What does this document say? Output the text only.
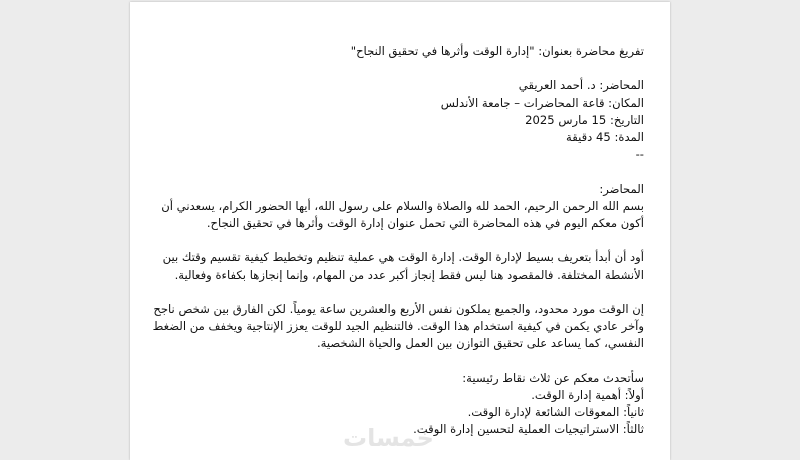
تفريغ محاضرة بعنوان: "إدارة الوقت وأثرها في تحقيق النجاح"

المحاضر: د. أحمد العريقي

المكان: قاعة المحاضرات – جامعة الأندلس

التاريخ: 15 مارس 2025

المدة: 45 دقيقة

--

المحاضر:

بسم الله الرحمن الرحيم، الحمد لله والصلاة والسلام على رسول الله، أيها الحضور الكرام، يسعدني أن أكون معكم اليوم في هذه المحاضرة التي تحمل عنوان إدارة الوقت وأثرها في تحقيق النجاح.

أود أن أبدأ بتعريف بسيط لإدارة الوقت. إدارة الوقت هي عملية تنظيم وتخطيط كيفية تقسيم وقتك بين الأنشطة المختلفة. فالمقصود هنا ليس فقط إنجاز أكبر عدد من المهام، وإنما إنجازها بكفاءة وفعالية.

إن الوقت مورد محدود، والجميع يملكون نفس الأربع والعشرين ساعة يومياً. لكن الفارق بين شخص ناجح وآخر عادي يكمن في كيفية استخدام هذا الوقت. فالتنظيم الجيد للوقت يعزز الإنتاجية ويخفف من الضغط النفسي، كما يساعد على تحقيق التوازن بين العمل والحياة الشخصية.

سأتحدث معكم عن ثلاث نقاط رئيسية:

أولاً: أهمية إدارة الوقت.

ثانياً: المعوقات الشائعة لإدارة الوقت.

ثالثاً: الاستراتيجيات العملية لتحسين إدارة الوقت.

خمسات
